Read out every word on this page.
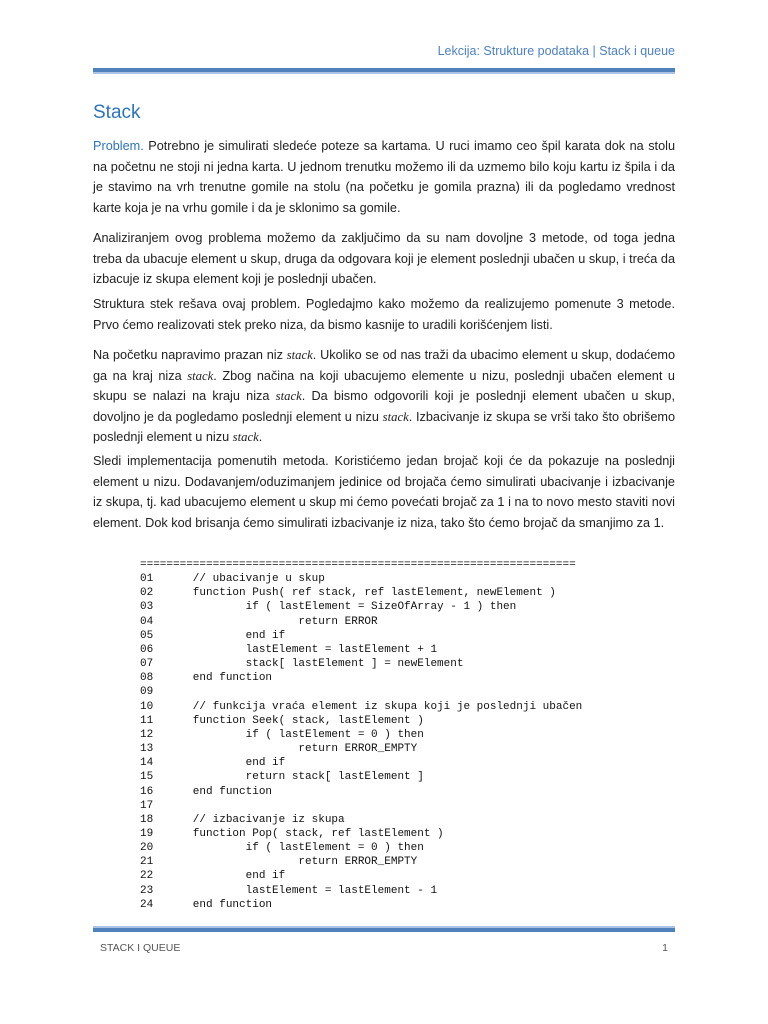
Lekcija: Strukture podataka | Stack i queue
Stack

Problem. Potrebno je simulirati sledeće poteze sa kartama. U ruci imamo ceo špil karata dok na stolu na početnu ne stoji ni jedna karta. U jednom trenutku možemo ili da uzmemo bilo koju kartu iz špila i da je stavimo na vrh trenutne gomile na stolu (na početku je gomila prazna) ili da pogledamo vrednost karte koja je na vrhu gomile i da je sklonimo sa gomile.

Analiziranjem ovog problema možemo da zaključimo da su nam dovoljne 3 metode, od toga jedna treba da ubacuje element u skup, druga da odgovara koji je element poslednji ubačen u skup, i treća da izbacuje iz skupa element koji je poslednji ubačen.

Struktura stek rešava ovaj problem. Pogledajmo kako možemo da realizujemo pomenute 3 metode. Prvo ćemo realizovati stek preko niza, da bismo kasnije to uradili korišćenjem listi.

Na početku napravimo prazan niz stack. Ukoliko se od nas traži da ubacimo element u skup, dodaćemo ga na kraj niza stack. Zbog načina na koji ubacujemo elemente u nizu, poslednji ubačen element u skupu se nalazi na kraju niza stack. Da bismo odgovorili koji je poslednji element ubačen u skup, dovoljno je da pogledamo poslednji element u nizu stack. Izbacivanje iz skupa se vrši tako što obrišemo poslednji element u nizu stack.

Sledi implementacija pomenutih metoda. Koristićemo jedan brojač koji će da pokazuje na poslednji element u nizu. Dodavanjem/oduzimanjem jedinice od brojača ćemo simulirati ubacivanje i izbacivanje iz skupa, tj. kad ubacujemo element u skup mi ćemo povećati brojač za 1 i na to novo mesto staviti novi element. Dok kod brisanja ćemo simulirati izbacivanje iz niza, tako što ćemo brojač da smanjimo za 1.

==================================================================
01      // ubacivanje u skup
02      function Push( ref stack, ref lastElement, newElement )
03              if ( lastElement = SizeOfArray - 1 ) then
04                      return ERROR
05              end if
06              lastElement = lastElement + 1
07              stack[ lastElement ] = newElement
08      end function
09
10      // funkcija vraća element iz skupa koji je poslednji ubačen
11      function Seek( stack, lastElement )
12              if ( lastElement = 0 ) then
13                      return ERROR_EMPTY
14              end if
15              return stack[ lastElement ]
16      end function
17
18      // izbacivanje iz skupa
19      function Pop( stack, ref lastElement )
20              if ( lastElement = 0 ) then
21                      return ERROR_EMPTY
22              end if
23              lastElement = lastElement - 1
24      end function
STACK I QUEUE	1
